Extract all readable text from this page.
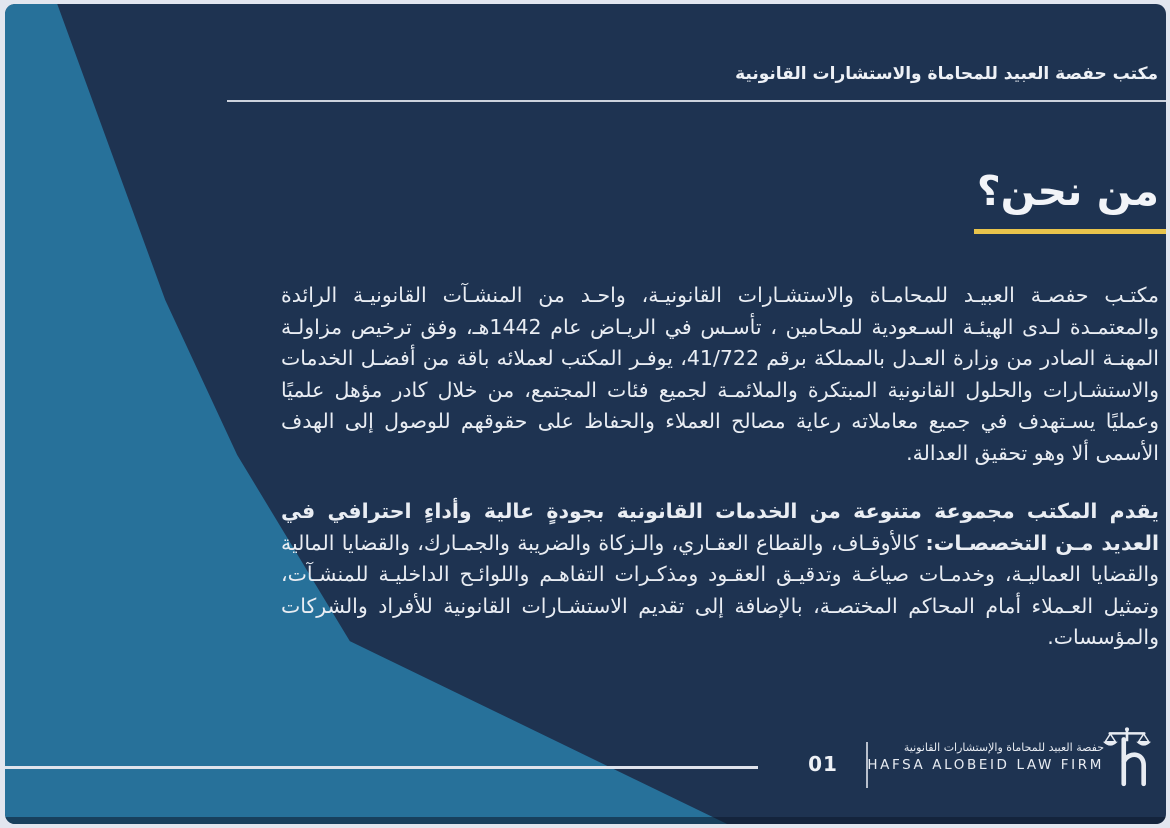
مكتب حفصة العبيد للمحاماة والاستشارات القانونية
من نحن؟

مكتـب حفصـة العبيـد للمحامـاة والاستشـارات القانونيـة، واحـد من المنشـآت القانونيـة الرائدة والمعتمـدة لـدى الهيئـة السـعودية للمحامين ، تأسـس في الريـاض عام 1442هـ، وفق ترخيص مزاولـة المهنـة الصادر من وزارة العـدل بالمملكة برقم 41/722، يوفـر المكتب لعملائه باقة من أفضـل الخدمات والاستشـارات والحلول القانونية المبتكرة والملائمـة لجميع فئات المجتمع، من خلال كادر مؤهل علميًا وعمليًا يسـتهدف في جميع معاملاته رعاية مصالح العملاء والحفاظ على حقوقهم للوصول إلى الهدف الأسمى ألا وهو تحقيق العدالة.

يقدم المكتب مجموعة متنوعة من الخدمات القانونية بجودةٍ عالية وأداءٍ احترافي في العديد مـن التخصصـات: كالأوقـاف، والقطاع العقـاري، والـزكاة والضريبة والجمـارك، والقضايا المالية والقضايا العماليـة، وخدمـات صياغـة وتدقيـق العقـود ومذكـرات التفاهـم واللوائـح الداخليـة للمنشـآت، وتمثيل العـملاء أمام المحاكم المختصـة، بالإضافة إلى تقديم الاستشـارات القانونية للأفراد والشركات والمؤسسات.

01
حفصة العبيد للمحاماة والإستشارات القانونية
HAFSA ALOBEID LAW FIRM
